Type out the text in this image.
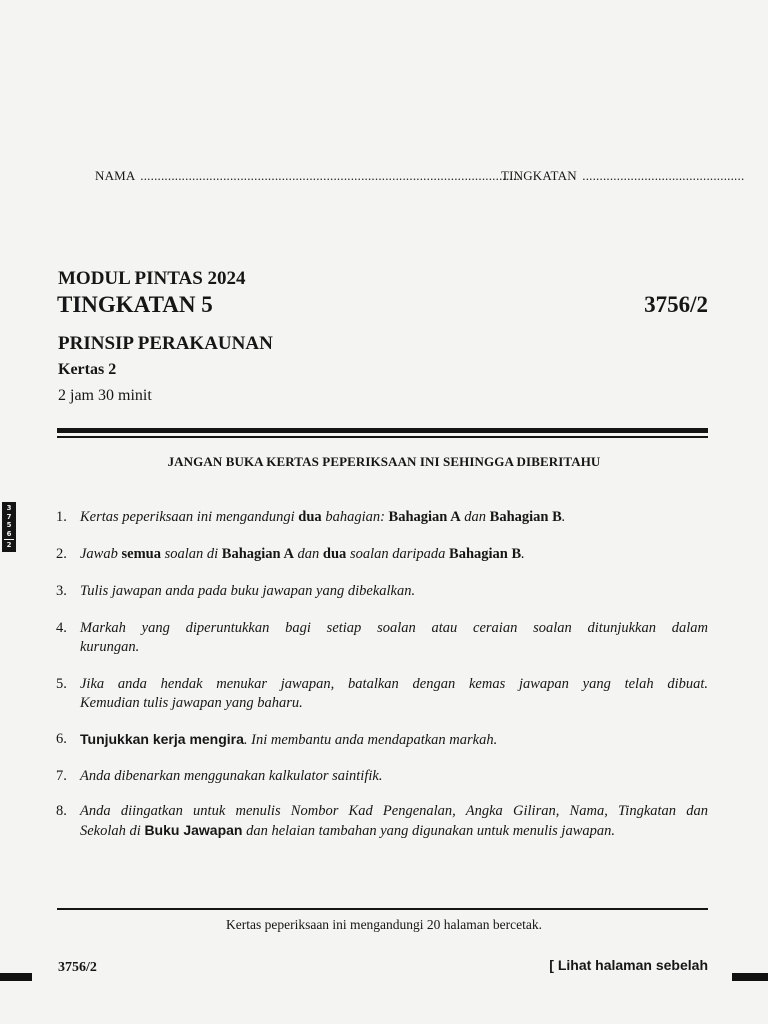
NAMA ...............................................................................................................  TINGKATAN ...............................................
MODUL PINTAS 2024
TINGKATAN 5	3756/2
PRINSIP PERAKAUNAN
Kertas 2
2 jam 30 minit
JANGAN BUKA KERTAS PEPERIKSAAN INI SEHINGGA DIBERITAHU
3
7
5
6
2
1. Kertas peperiksaan ini mengandungi dua bahagian: Bahagian A dan Bahagian B.
2. Jawab semua soalan di Bahagian A dan dua soalan daripada Bahagian B.
3. Tulis jawapan anda pada buku jawapan yang dibekalkan.
4. Markah yang diperuntukkan bagi setiap soalan atau ceraian soalan ditunjukkan dalam
kurungan.
5. Jika anda hendak menukar jawapan, batalkan dengan kemas jawapan yang telah dibuat.
Kemudian tulis jawapan yang baharu.
6. Tunjukkan kerja mengira. Ini membantu anda mendapatkan markah.
7. Anda dibenarkan menggunakan kalkulator saintifik.
8. Anda diingatkan untuk menulis Nombor Kad Pengenalan, Angka Giliran, Nama, Tingkatan dan
Sekolah di Buku Jawapan dan helaian tambahan yang digunakan untuk menulis jawapan.
Kertas peperiksaan ini mengandungi 20 halaman bercetak.
3756/2	[ Lihat halaman sebelah
